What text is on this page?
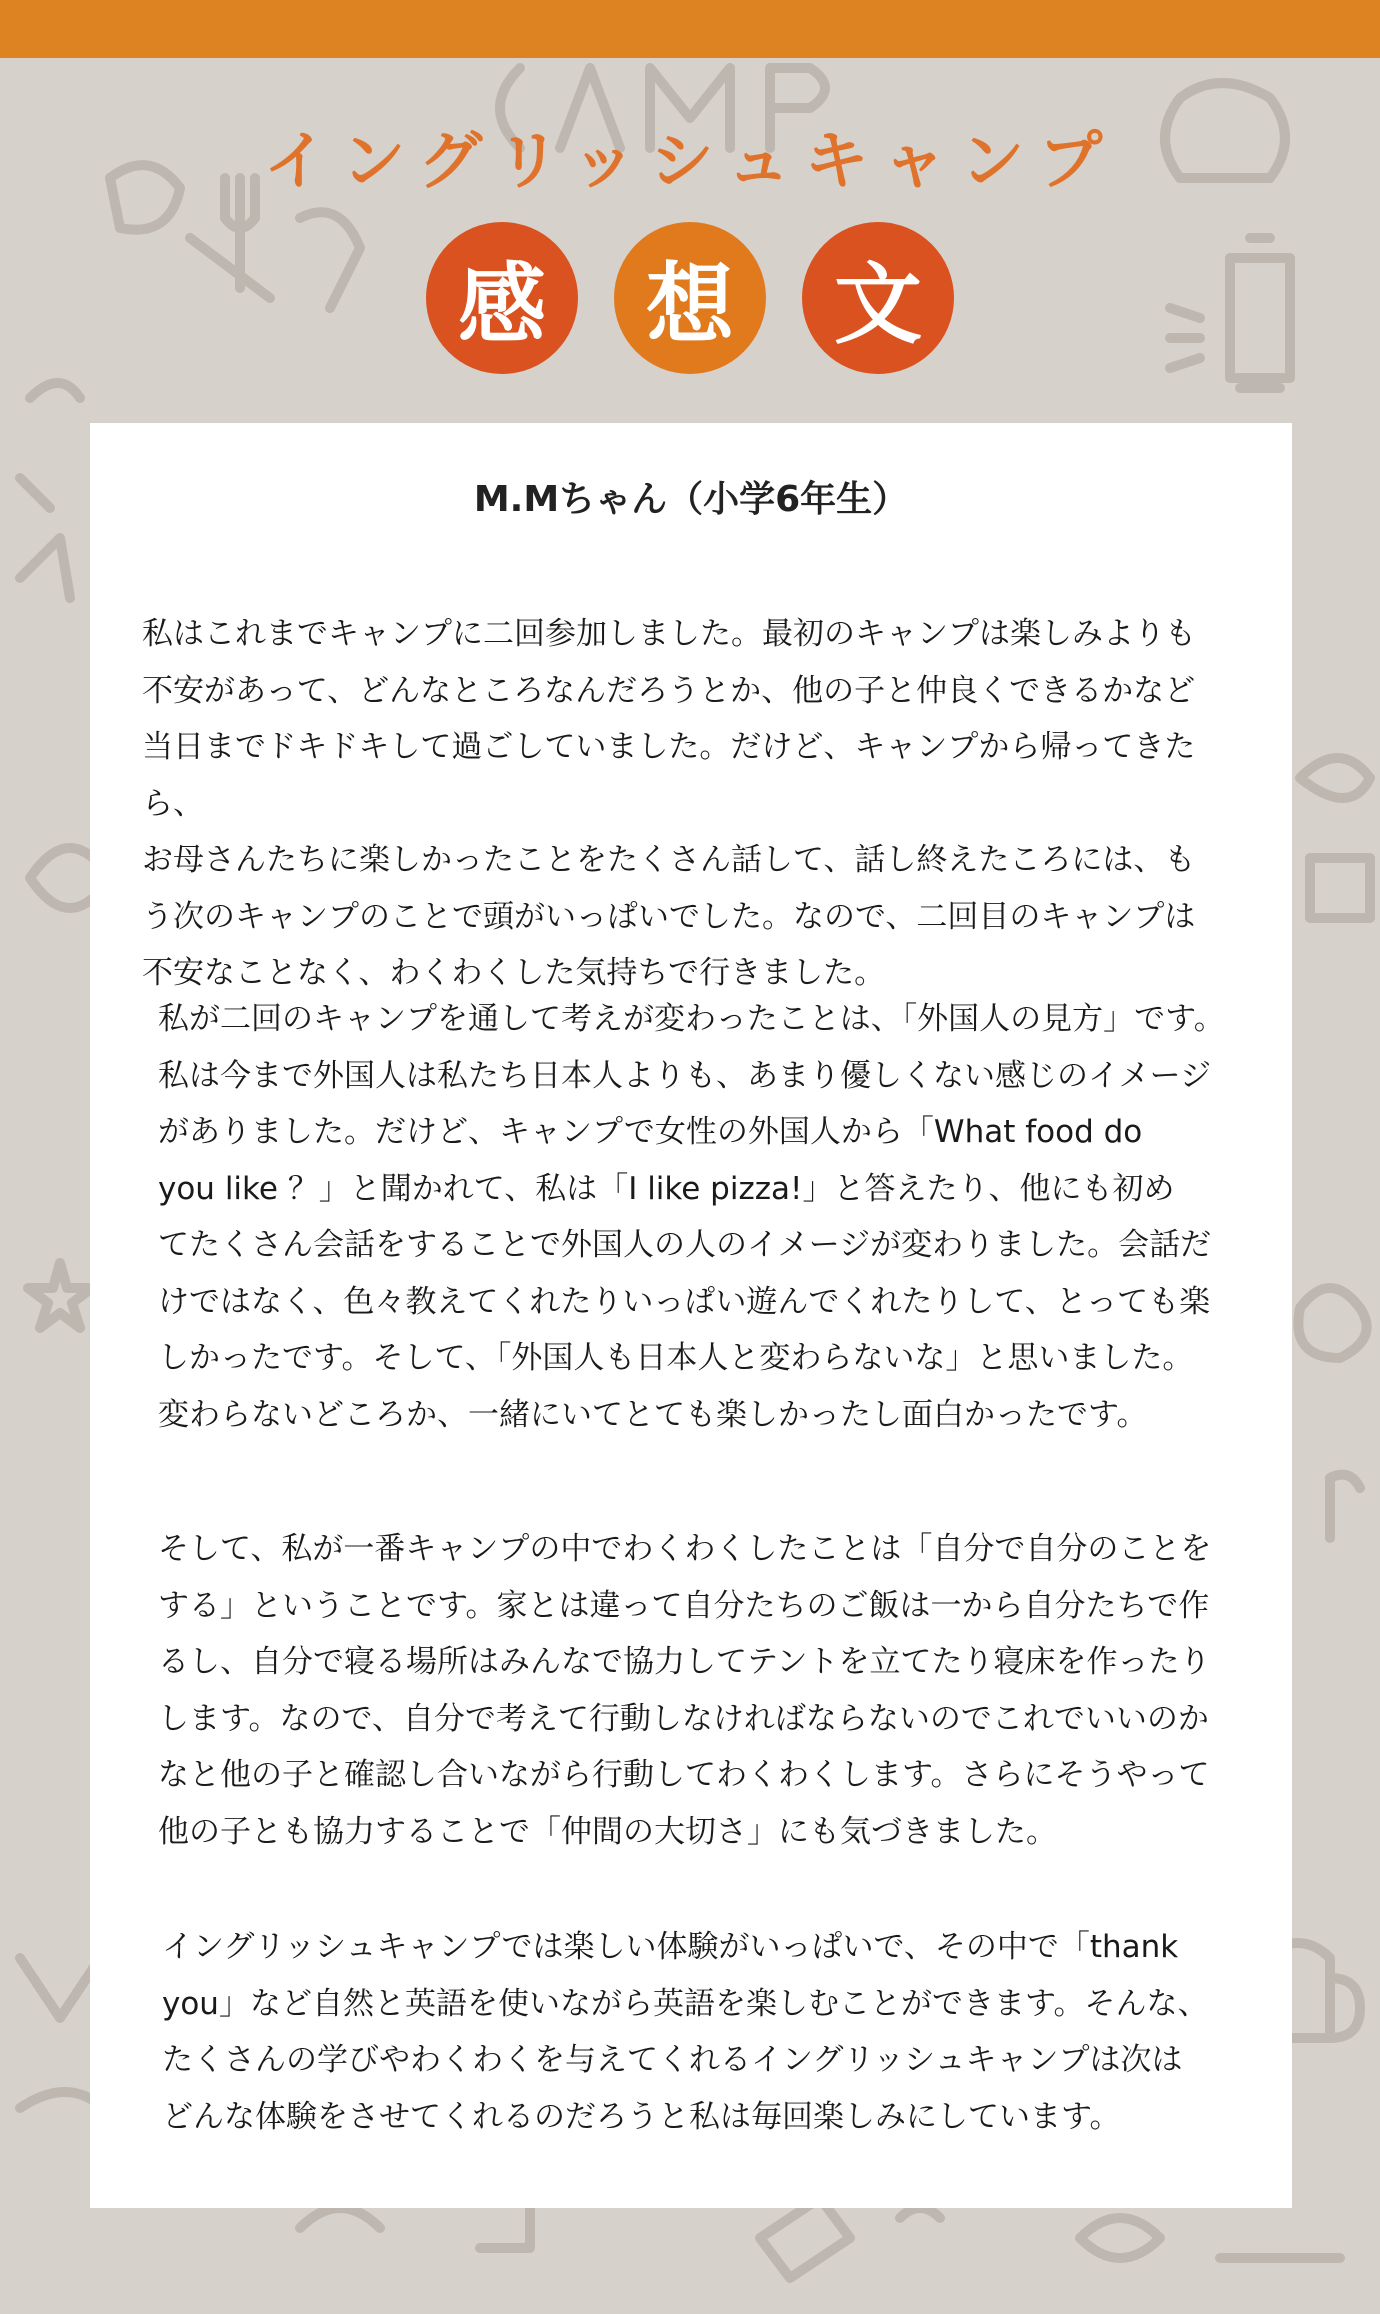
イングリッシュキャンプ
感	想	文
M.Mちゃん（小学6年生）

私はこれまでキャンプに二回参加しました。最初のキャンプは楽しみよりも
不安があって、どんなところなんだろうとか、他の子と仲良くできるかなど
当日までドキドキして過ごしていました。だけど、キャンプから帰ってきたら、
お母さんたちに楽しかったことをたくさん話して、話し終えたころには、も
う次のキャンプのことで頭がいっぱいでした。なので、二回目のキャンプは
不安なことなく、わくわくした気持ちで行きました。

私が二回のキャンプを通して考えが変わったことは、「外国人の見方」です。
私は今まで外国人は私たち日本人よりも、あまり優しくない感じのイメージ
がありました。だけど、キャンプで女性の外国人から「What food do
you like ？」と聞かれて、私は「I like pizza!」と答えたり、他にも初め
てたくさん会話をすることで外国人の人のイメージが変わりました。会話だ
けではなく、色々教えてくれたりいっぱい遊んでくれたりして、とっても楽
しかったです。そして、「外国人も日本人と変わらないな」と思いました。
変わらないどころか、一緒にいてとても楽しかったし面白かったです。

そして、私が一番キャンプの中でわくわくしたことは「自分で自分のことを
する」ということです。家とは違って自分たちのご飯は一から自分たちで作
るし、自分で寝る場所はみんなで協力してテントを立てたり寝床を作ったり
します。なので、自分で考えて行動しなければならないのでこれでいいのか
なと他の子と確認し合いながら行動してわくわくします。さらにそうやって
他の子とも協力することで「仲間の大切さ」にも気づきました。

イングリッシュキャンプでは楽しい体験がいっぱいで、その中で「thank
you」など自然と英語を使いながら英語を楽しむことができます。そんな、
たくさんの学びやわくわくを与えてくれるイングリッシュキャンプは次は
どんな体験をさせてくれるのだろうと私は毎回楽しみにしています。
